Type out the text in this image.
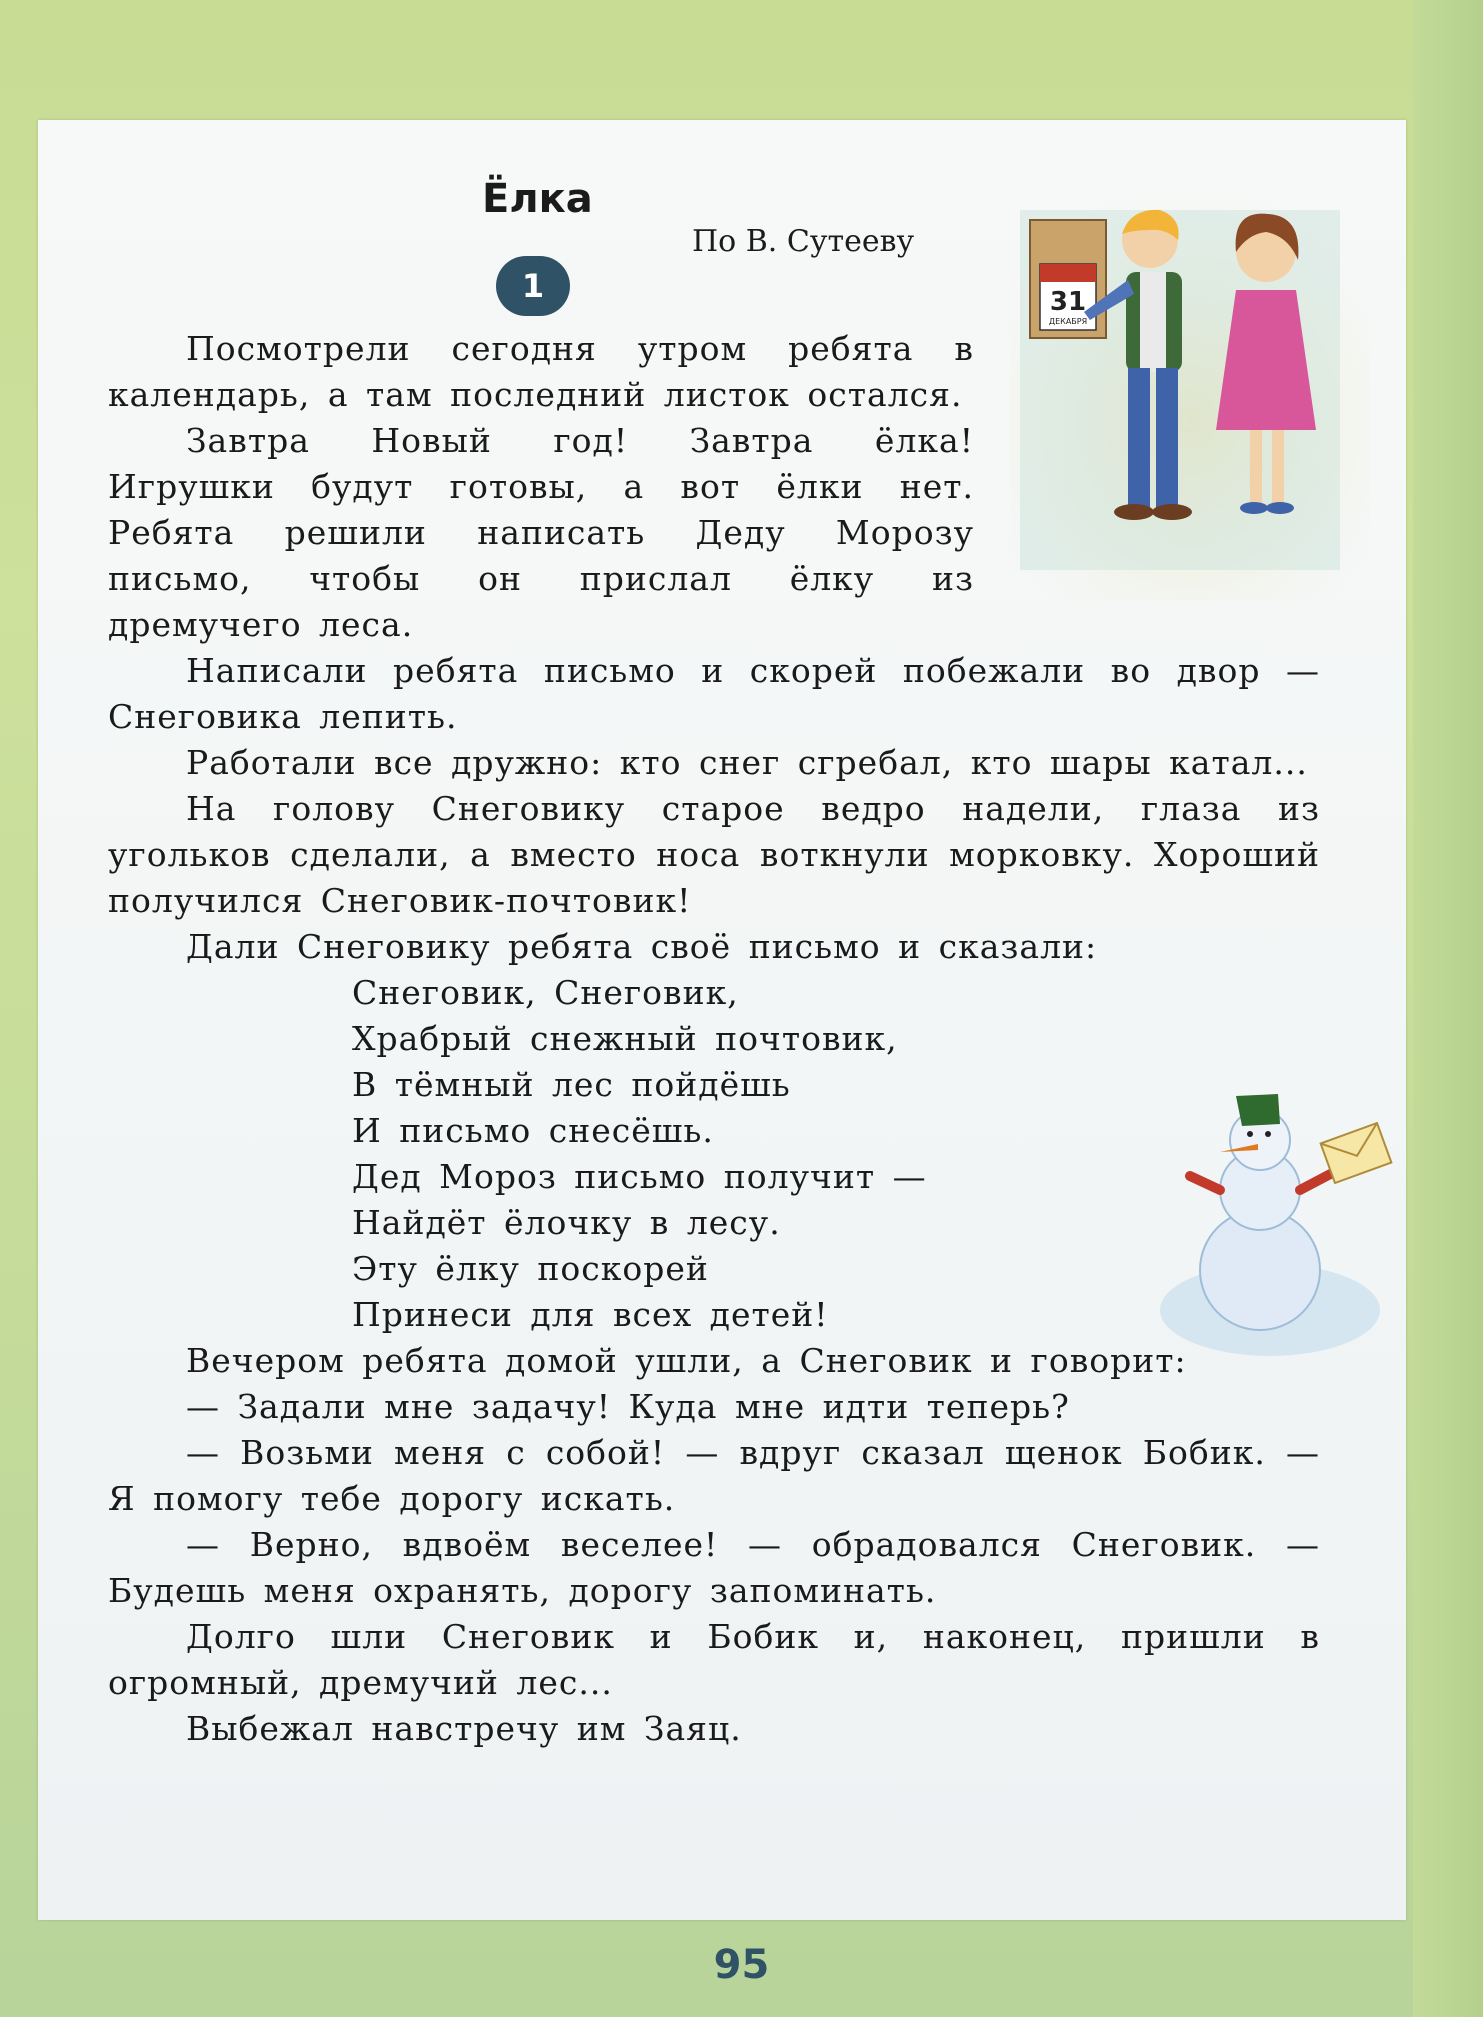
Ёлка
По В. Сутееву
1	31
ДЕКАБРЯ

Посмотрели сегодня утром ребята в календарь, а там последний листок остался.

Завтра Новый год! Завтра ёлка! Игрушки будут готовы, а вот ёлки нет. Ребята решили написать Деду Морозу письмо, чтобы он прислал ёлку из дремучего леса.

Написали ребята письмо и скорей побежали во двор — Снеговика лепить.

Работали все дружно: кто снег сгребал, кто шары катал...

На голову Снеговику старое ведро надели, глаза из угольков сделали, а вместо носа воткнули морковку. Хороший получился Снеговик-почтовик!

Дали Снеговику ребята своё письмо и сказали:

Снеговик, Снеговик,

Храбрый снежный почтовик,

В тёмный лес пойдёшь

И письмо снесёшь.

Дед Мороз письмо получит —

Найдёт ёлочку в лесу.

Эту ёлку поскорей

Принеси для всех детей!

Вечером ребята домой ушли, а Снеговик и говорит:

— Задали мне задачу! Куда мне идти теперь?

— Возьми меня с собой! — вдруг сказал щенок Бобик. — Я помогу тебе дорогу искать.

— Верно, вдвоём веселее! — обрадовался Снеговик. — Будешь меня охранять, дорогу запоминать.

Долго шли Снеговик и Бобик и, наконец, пришли в огромный, дремучий лес...

Выбежал навстречу им Заяц.

95
